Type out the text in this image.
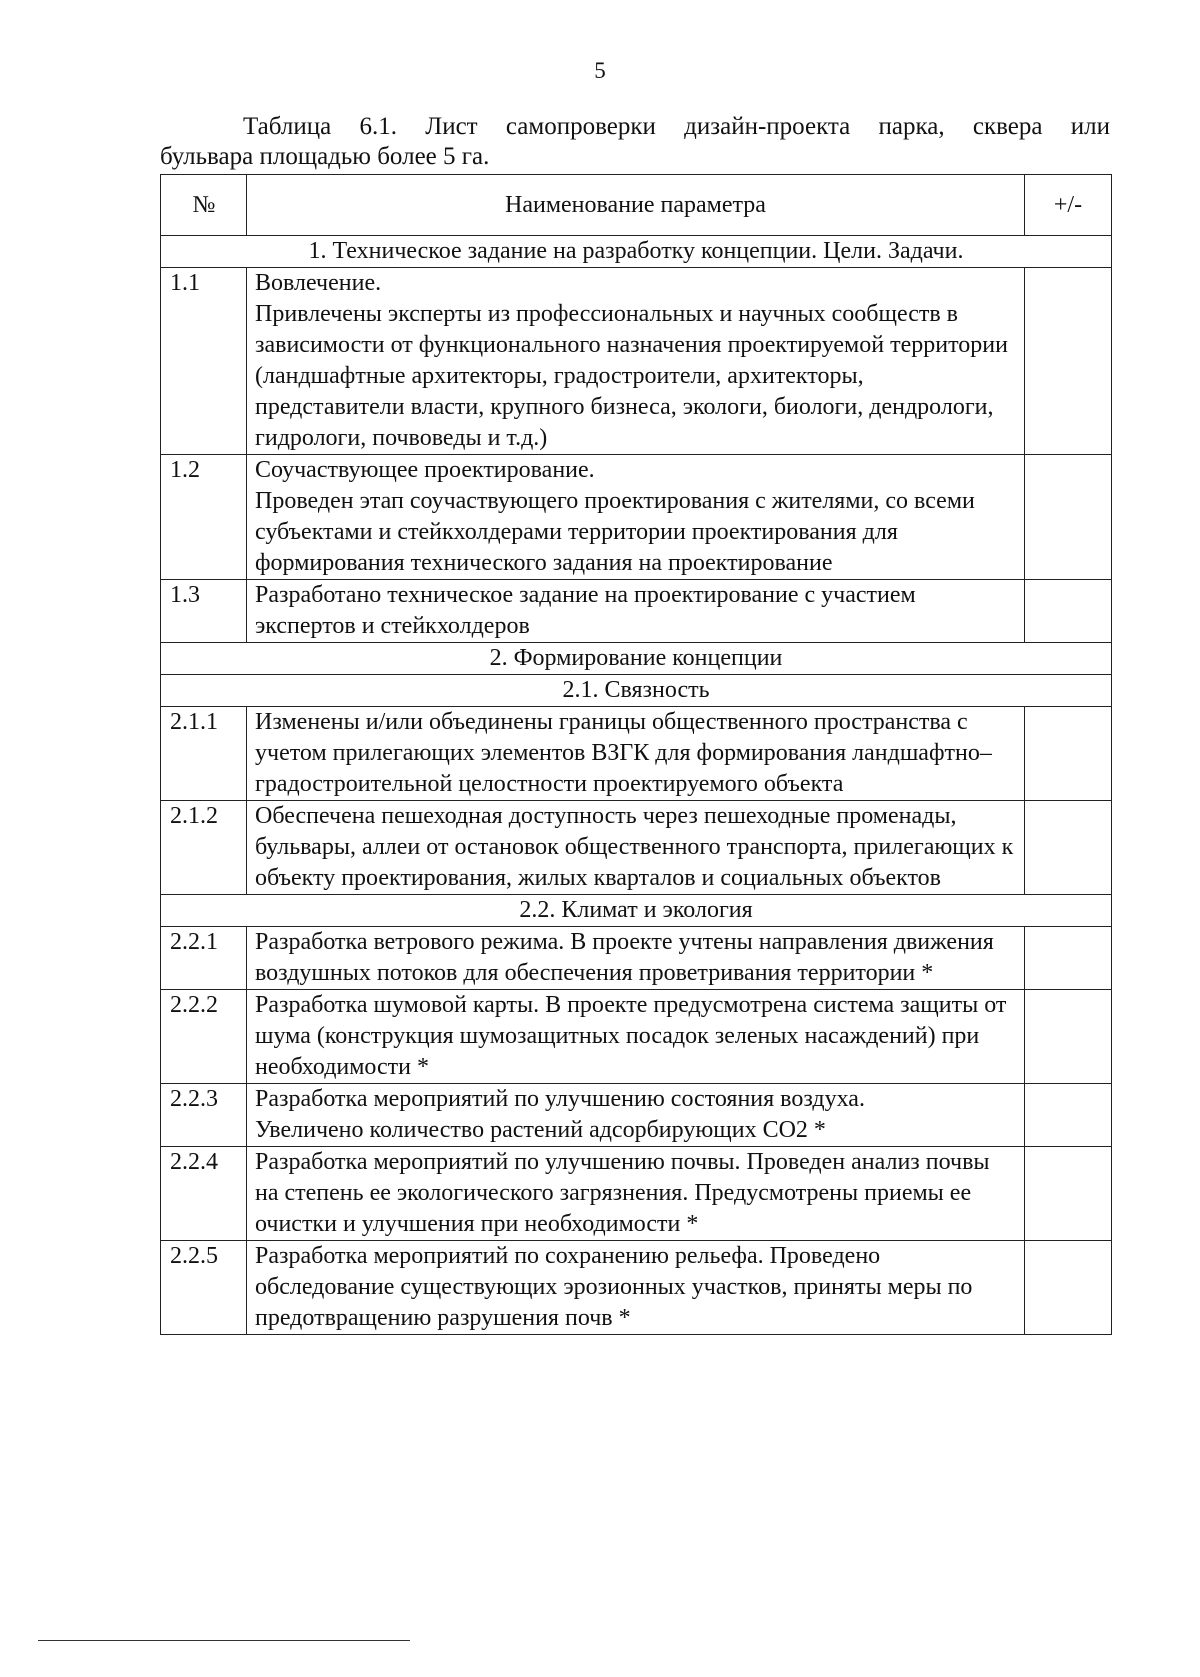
5
Таблица 6.1. Лист самопроверки дизайн-проекта парка, сквера или
бульвара площадью более 5 га.
№	Наименование параметра	+/-
1. Техническое задание на разработку концепции. Цели. Задачи.		
1.1	Вовлечение.
Привлечены эксперты из профессиональных и научных сообществ в зависимости от функционального назначения проектируемой территории (ландшафтные архитекторы, градостроители, архитекторы, представители власти, крупного бизнеса, экологи, биологи, дендрологи, гидрологи, почвоведы и т.д.)	

1.2	Соучаствующее проектирование.
Проведен этап соучаствующего проектирования с жителями, со всеми субъектами и стейкхолдерами территории проектирования для формирования технического задания на проектирование	

1.3	Разработано техническое задание на проектирование с участием экспертов и стейкхолдеров	

2. Формирование концепции		
2.1. Связность		
2.1.1	Изменены и/или объединены границы общественного пространства с учетом прилегающих элементов ВЗГК для формирования ландшафтно– градостроительной целостности проектируемого объекта	

2.1.2	Обеспечена пешеходная доступность через пешеходные променады, бульвары, аллеи от остановок общественного транспорта, прилегающих к объекту проектирования, жилых кварталов и социальных объектов	

2.2. Климат и экология		
2.2.1	Разработка ветрового режима. В проекте учтены направления движения воздушных потоков для обеспечения проветривания территории *	

2.2.2	Разработка шумовой карты. В проекте предусмотрена система защиты от шума (конструкция шумозащитных посадок зеленых насаждений) при необходимости *	

2.2.3	Разработка мероприятий по улучшению состояния воздуха.
Увеличено количество растений адсорбирующих СО2 *	

2.2.4	Разработка мероприятий по улучшению почвы. Проведен анализ почвы на степень ее экологического загрязнения. Предусмотрены приемы ее очистки и улучшения при необходимости *	

2.2.5	Разработка мероприятий по сохранению рельефа. Проведено обследование существующих эрозионных участков, приняты меры по предотвращению разрушения почв *	
